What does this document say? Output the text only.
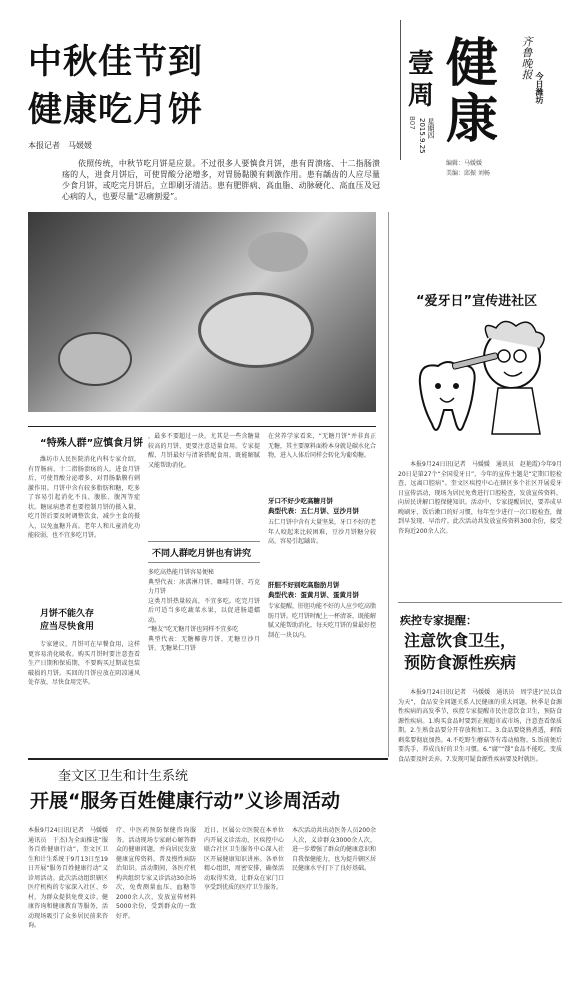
中秋佳节到
健康吃月饼
本报记者　马媛媛
依照传统，中秋节吃月饼是应景。不过很多人要慎食月饼，患有胃溃疡、十二指肠溃疡的人，进食月饼后，可使胃酸分泌增多，对胃肠黏膜有刺激作用。患有龋齿的人应尽量少食月饼，或吃完月饼后，立即刷牙清洁。患有肥胖病、高血脂、动脉硬化、高血压及冠心病的人，也要尽量“忍痛割爱”。
壹周
星期四
2015.9.25
B07
健
康
齐鲁晚报
今日潍坊
编辑：马媛媛
美编：邱振 刘畅
“特殊人群”应慎食月饼
潍坊市人民医院消化内科专家介绍，有胃肠病、十二指肠溃疡的人，进食月饼后，可使胃酸分泌增多，对胃肠黏膜有刺激作用。月饼中含有较多脂肪和糖，吃多了容易引起消化不良、腹胀、腹泻等症状。糖尿病患者也要控制月饼的摄入量，吃月饼后要及时调整饮食，减少主食的摄入，以免血糖升高。老年人和儿童消化功能较弱，也不宜多吃月饼。
月饼不能久存
应当尽快食用
专家建议，月饼可在早餐食用，这样更容易消化吸收。购买月饼时要注意查看生产日期和保质期，不要购买过期或包装破损的月饼。买回的月饼应放在阴凉通风处存放，尽快食用完毕。
，最多不要超过一块。尤其是一些含糖量较高的月饼，更要注意适量食用。专家提醒，月饼最好与清茶搭配食用，既能解腻又能帮助消化。
不同人群吃月饼也有讲究
多吃高热能月饼容易便秘
典型代表：冰淇淋月饼、咖啡月饼、巧克力月饼
这类月饼热量较高，不宜多吃。吃完月饼后可适当多吃蔬菜水果，以促进肠道蠕动。
“糖友”吃无糖月饼也同样不宜多吃
典型代表：无糖椰蓉月饼、无糖豆沙月饼、无糖果仁月饼
在营养学家看来，“无糖月饼”并非真正无糖，其主要原料面粉本身就是碳水化合物，进入人体后同样会转化为葡萄糖。
牙口不好少吃高糖月饼
典型代表：五仁月饼、豆沙月饼
五仁月饼中含有大量坚果，牙口不好的老年人咬起来比较困难，豆沙月饼糖分较高，容易引起龋齿。
肝胆不好别吃高脂肪月饼
典型代表：蛋黄月饼、蛋黄月饼
专家提醒，肝胆功能不好的人应少吃高脂肪月饼。吃月饼时配上一杯清茶，既能解腻又能帮助消化，每天吃月饼的量最好控制在一块以内。
“爱牙日”宣传进社区
本报9月24日讯(记者　马媛媛　通讯员　赵艳霞)今年9月20日是第27个“全国爱牙日”，今年的宣传主题是“定期口腔检查，远离口腔病”。奎文区疾控中心在辖区多个社区开展爱牙日宣传活动，现场为居民免费进行口腔检查，发放宣传资料，向居民讲解口腔保健知识。活动中，专家提醒居民，要养成早晚刷牙、饭后漱口的好习惯，每年至少进行一次口腔检查，做到早发现、早治疗。此次活动共发放宣传资料300余份，接受咨询近200余人次。
疾控专家提醒：
注意饮食卫生，
预防食源性疾病
本报9月24日讯(记者　马媛媛　通讯员　周学进)“民以食为天”，食品安全问题关系人民健康的重大问题。秋季是食源性疾病的高发季节，疾控专家提醒市民注意饮食卫生，预防食源性疾病。1.购买食品时要到正规超市或市场，注意查看保质期。2.生熟食品要分开存放和加工。3.食品要烧熟煮透，剩饭剩菜要彻底加热。4.不吃野生蘑菇等有毒动植物。5.饭前便后要洗手，养成良好的卫生习惯。6.“腐”“馊”食品不能吃，变质食品要及时丢弃。7.发现可疑食源性疾病要及时就医。
奎文区卫生和计生系统
开展“服务百姓健康行动”义诊周活动
本报9月24日讯(记者　马媛媛　通讯员　于杰)为全面推进“服务百姓健康行动”，奎文区卫生和计生系统于9月13日至19日开展“服务百姓健康行动”义诊周活动。此次活动组织辖区医疗机构的专家深入社区、乡村，为群众提供免费义诊、健康咨询和健康教育等服务，活动现场吸引了众多居民前来咨询。
疗、中医药预防保健咨询服务。活动现场专家耐心解答群众的健康问题，并向居民发放健康宣传资料，普及慢性病防治知识。活动期间，各医疗机构共组织专家义诊活动30余场次，免费测量血压、血糖等2000余人次，发放宣传材料5000余份，受到群众的一致好评。
近日，区属公立医院在本单位内开展义诊活动，区疾控中心联合社区卫生服务中心深入社区开展健康知识讲座。各单位精心组织，周密安排，确保活动取得实效，让群众在家门口享受到优质的医疗卫生服务。
本次活动共出动医务人员200余人次，义诊群众3000余人次，进一步增强了群众的健康意识和自我保健能力，也为提升辖区居民健康水平打下了良好基础。
